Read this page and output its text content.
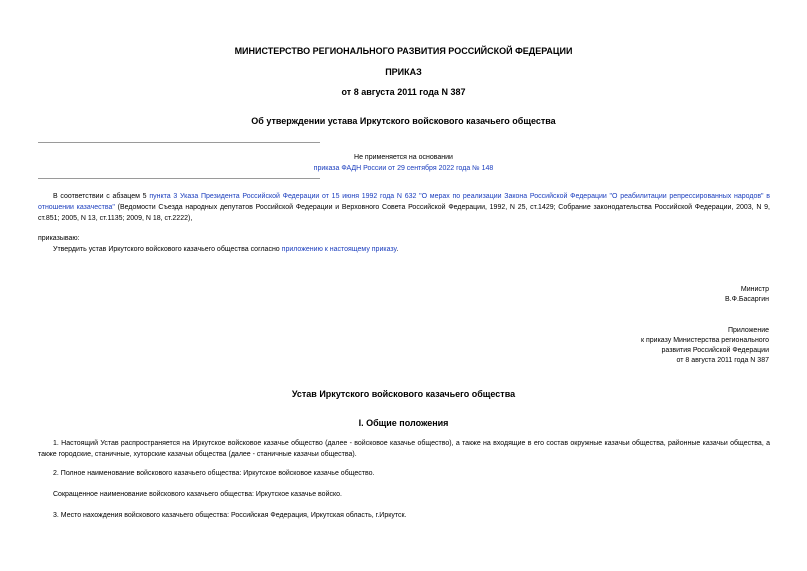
МИНИСТЕРСТВО РЕГИОНАЛЬНОГО РАЗВИТИЯ РОССИЙСКОЙ ФЕДЕРАЦИИ
ПРИКАЗ
от 8 августа 2011 года N 387
Об утверждении устава Иркутского войскового казачьего общества
Не применяется на основании
приказа ФАДН России от 29 сентября 2022 года № 148
В соответствии с абзацем 5 пункта 3 Указа Президента Российской Федерации от 15 июня 1992 года N 632 "О мерах по реализации Закона Российской Федерации "О реабилитации репрессированных народов" в отношении казачества" (Ведомости Съезда народных депутатов Российской Федерации и Верховного Совета Российской Федерации, 1992, N 25, ст.1429; Собрание законодательства Российской Федерации, 2003, N 9, ст.851; 2005, N 13, ст.1135; 2009, N 18, ст.2222),
приказываю:
Утвердить устав Иркутского войскового казачьего общества согласно приложению к настоящему приказу.
Министр
В.Ф.Басаргин
Приложение
к приказу Министерства регионального
развития Российской Федерации
от 8 августа 2011 года N 387
Устав Иркутского войскового казачьего общества
I. Общие положения
1. Настоящий Устав распространяется на Иркутское войсковое казачье общество (далее - войсковое казачье общество), а также на входящие в его состав окружные казачьи общества, районные казачьи общества, а также городские, станичные, хуторские казачьи общества (далее - станичные казачьи общества).
2. Полное наименование войскового казачьего общества: Иркутское войсковое казачье общество.
Сокращенное наименование войскового казачьего общества: Иркутское казачье войско.
3. Место нахождения войскового казачьего общества: Российская Федерация, Иркутская область, г.Иркутск.
